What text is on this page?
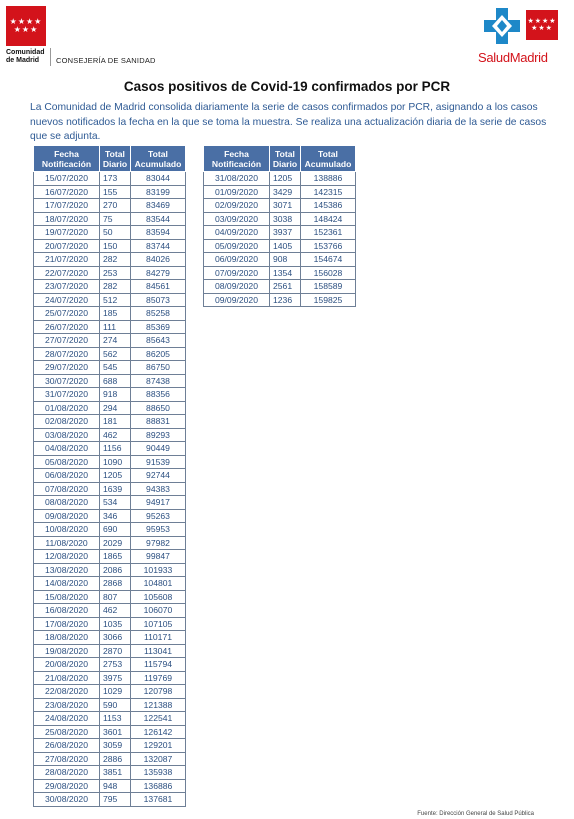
★★★★
★★★
Comunidad de Madrid	CONSEJERÍA DE SANIDAD
★★★★
★★★
SaludMadrid
Casos positivos de Covid-19 confirmados por PCR
La Comunidad de Madrid consolida diariamente la serie de casos confirmados por PCR, asignando a los casos nuevos notificados la fecha en la que se toma la muestra. Se realiza una actualización diaria de la serie de casos que se adjunta.
Fecha Notificación	Total Diario	Total Acumulado
15/07/2020	173	83044
16/07/2020	155	83199
17/07/2020	270	83469
18/07/2020	75	83544
19/07/2020	50	83594
20/07/2020	150	83744
21/07/2020	282	84026
22/07/2020	253	84279
23/07/2020	282	84561
24/07/2020	512	85073
25/07/2020	185	85258
26/07/2020	111	85369
27/07/2020	274	85643
28/07/2020	562	86205
29/07/2020	545	86750
30/07/2020	688	87438
31/07/2020	918	88356
01/08/2020	294	88650
02/08/2020	181	88831
03/08/2020	462	89293
04/08/2020	1156	90449
05/08/2020	1090	91539
06/08/2020	1205	92744
07/08/2020	1639	94383
08/08/2020	534	94917
09/08/2020	346	95263
10/08/2020	690	95953
11/08/2020	2029	97982
12/08/2020	1865	99847
13/08/2020	2086	101933
14/08/2020	2868	104801
15/08/2020	807	105608
16/08/2020	462	106070
17/08/2020	1035	107105
18/08/2020	3066	110171
19/08/2020	2870	113041
20/08/2020	2753	115794
21/08/2020	3975	119769
22/08/2020	1029	120798
23/08/2020	590	121388
24/08/2020	1153	122541
25/08/2020	3601	126142
26/08/2020	3059	129201
27/08/2020	2886	132087
28/08/2020	3851	135938
29/08/2020	948	136886
30/08/2020	795	137681
Fecha Notificación	Total Diario	Total Acumulado
31/08/2020	1205	138886
01/09/2020	3429	142315
02/09/2020	3071	145386
03/09/2020	3038	148424
04/09/2020	3937	152361
05/09/2020	1405	153766
06/09/2020	908	154674
07/09/2020	1354	156028
08/09/2020	2561	158589
09/09/2020	1236	159825
Fuente: Dirección General de Salud Pública
